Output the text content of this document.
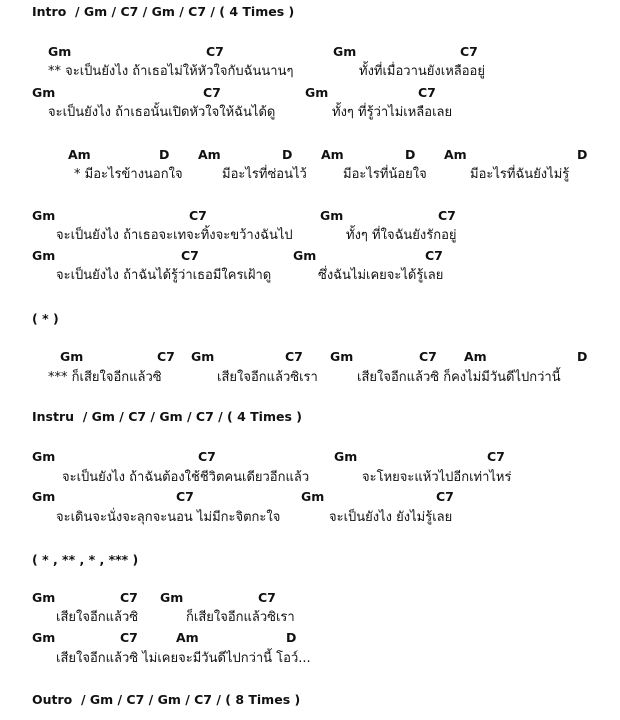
Intro  / Gm / C7 / Gm / C7 / ( 4 Times )
Gm	C7	Gm	C7
** จะเป็นยังไง ถ้าเธอไม่ให้หัวใจกับฉันนานๆ	ทั้งที่เมื่อวานยังเหลืออยู่
Gm	C7	Gm	C7
จะเป็นยังไง ถ้าเธอนั้นเปิดหัวใจให้ฉันได้ดู	ทั้งๆ ที่รู้ว่าไม่เหลือเลย
Am	D Am	D Am	D Am	D
* มีอะไรข้างนอกใจ	มีอะไรที่ซ่อนไว้	มีอะไรที่น้อยใจ	มีอะไรที่ฉันยังไม่รู้
Gm	C7	Gm	C7
จะเป็นยังไง ถ้าเธอจะเทจะทิ้งจะขว้างฉันไป	ทั้งๆ ที่ใจฉันยังรักอยู่
Gm	C7	Gm	C7
จะเป็นยังไง ถ้าฉันได้รู้ว่าเธอมีใครเฝ้าดู	ซึ่งฉันไม่เคยจะได้รู้เลย
( * )
Gm	C7 Gm	C7 Gm	C7 Am	D
*** ก็เสียใจอีกแล้วซิ	เสียใจอีกแล้วซิเรา	เสียใจอีกแล้วซิ ก็คงไม่มีวันดีไปกว่านี้
Instru  / Gm / C7 / Gm / C7 / ( 4 Times )
Gm	C7	Gm	C7
จะเป็นยังไง ถ้าฉันต้องใช้ชีวิตคนเดียวอีกแล้ว	จะโหยจะแห้วไปอีกเท่าไหร่
Gm	C7	Gm	C7
จะเดินจะนั่งจะลุกจะนอน ไม่มีกะจิตกะใจ	จะเป็นยังไง ยังไม่รู้เลย
( * , ** , * , *** )
Gm	C7 Gm	C7
เสียใจอีกแล้วซิ	ก็เสียใจอีกแล้วซิเรา
Gm	C7	Am	D
เสียใจอีกแล้วซิ ไม่เคยจะมีวันดีไปกว่านี้ โอว์...
Outro  / Gm / C7 / Gm / C7 / ( 8 Times )
